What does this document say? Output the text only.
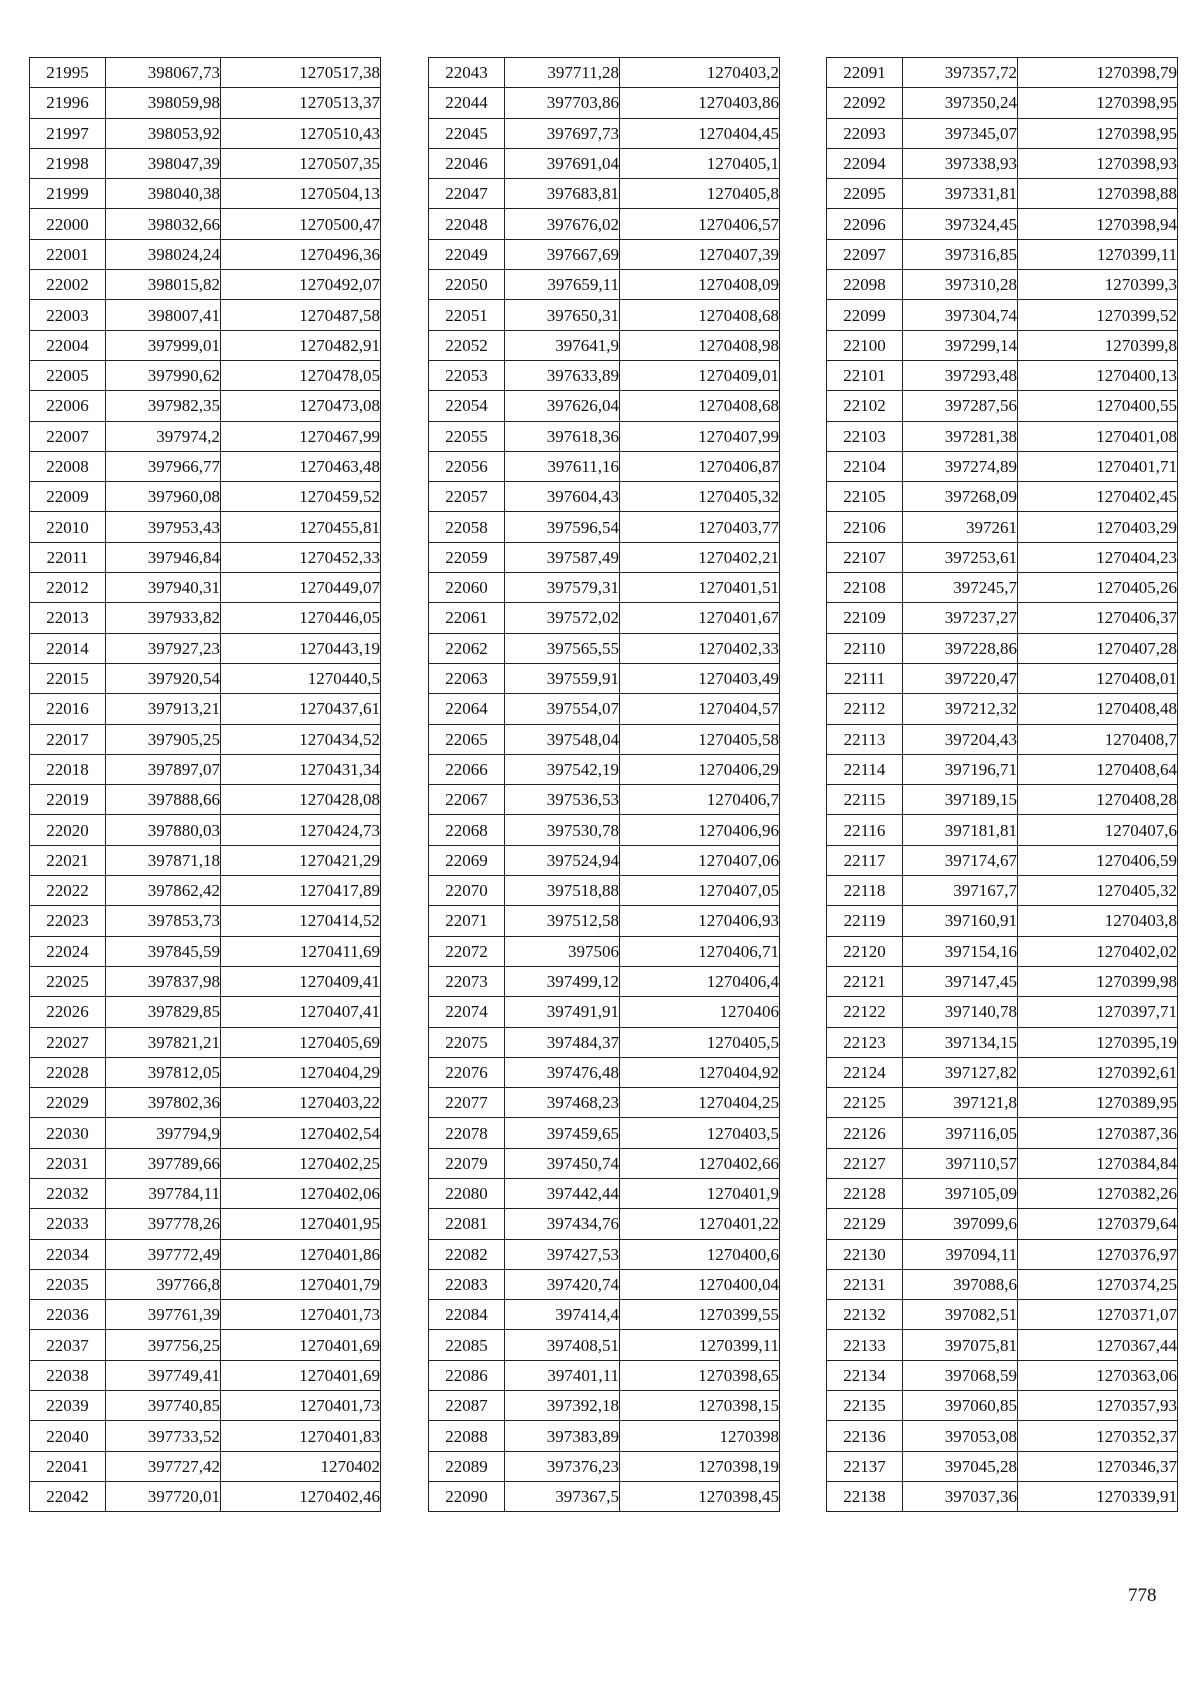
21995	398067,73	1270517,38
21996	398059,98	1270513,37
21997	398053,92	1270510,43
21998	398047,39	1270507,35
21999	398040,38	1270504,13
22000	398032,66	1270500,47
22001	398024,24	1270496,36
22002	398015,82	1270492,07
22003	398007,41	1270487,58
22004	397999,01	1270482,91
22005	397990,62	1270478,05
22006	397982,35	1270473,08
22007	397974,2	1270467,99
22008	397966,77	1270463,48
22009	397960,08	1270459,52
22010	397953,43	1270455,81
22011	397946,84	1270452,33
22012	397940,31	1270449,07
22013	397933,82	1270446,05
22014	397927,23	1270443,19
22015	397920,54	1270440,5
22016	397913,21	1270437,61
22017	397905,25	1270434,52
22018	397897,07	1270431,34
22019	397888,66	1270428,08
22020	397880,03	1270424,73
22021	397871,18	1270421,29
22022	397862,42	1270417,89
22023	397853,73	1270414,52
22024	397845,59	1270411,69
22025	397837,98	1270409,41
22026	397829,85	1270407,41
22027	397821,21	1270405,69
22028	397812,05	1270404,29
22029	397802,36	1270403,22
22030	397794,9	1270402,54
22031	397789,66	1270402,25
22032	397784,11	1270402,06
22033	397778,26	1270401,95
22034	397772,49	1270401,86
22035	397766,8	1270401,79
22036	397761,39	1270401,73
22037	397756,25	1270401,69
22038	397749,41	1270401,69
22039	397740,85	1270401,73
22040	397733,52	1270401,83
22041	397727,42	1270402
22042	397720,01	1270402,46
22043	397711,28	1270403,2
22044	397703,86	1270403,86
22045	397697,73	1270404,45
22046	397691,04	1270405,1
22047	397683,81	1270405,8
22048	397676,02	1270406,57
22049	397667,69	1270407,39
22050	397659,11	1270408,09
22051	397650,31	1270408,68
22052	397641,9	1270408,98
22053	397633,89	1270409,01
22054	397626,04	1270408,68
22055	397618,36	1270407,99
22056	397611,16	1270406,87
22057	397604,43	1270405,32
22058	397596,54	1270403,77
22059	397587,49	1270402,21
22060	397579,31	1270401,51
22061	397572,02	1270401,67
22062	397565,55	1270402,33
22063	397559,91	1270403,49
22064	397554,07	1270404,57
22065	397548,04	1270405,58
22066	397542,19	1270406,29
22067	397536,53	1270406,7
22068	397530,78	1270406,96
22069	397524,94	1270407,06
22070	397518,88	1270407,05
22071	397512,58	1270406,93
22072	397506	1270406,71
22073	397499,12	1270406,4
22074	397491,91	1270406
22075	397484,37	1270405,5
22076	397476,48	1270404,92
22077	397468,23	1270404,25
22078	397459,65	1270403,5
22079	397450,74	1270402,66
22080	397442,44	1270401,9
22081	397434,76	1270401,22
22082	397427,53	1270400,6
22083	397420,74	1270400,04
22084	397414,4	1270399,55
22085	397408,51	1270399,11
22086	397401,11	1270398,65
22087	397392,18	1270398,15
22088	397383,89	1270398
22089	397376,23	1270398,19
22090	397367,5	1270398,45
22091	397357,72	1270398,79
22092	397350,24	1270398,95
22093	397345,07	1270398,95
22094	397338,93	1270398,93
22095	397331,81	1270398,88
22096	397324,45	1270398,94
22097	397316,85	1270399,11
22098	397310,28	1270399,3
22099	397304,74	1270399,52
22100	397299,14	1270399,8
22101	397293,48	1270400,13
22102	397287,56	1270400,55
22103	397281,38	1270401,08
22104	397274,89	1270401,71
22105	397268,09	1270402,45
22106	397261	1270403,29
22107	397253,61	1270404,23
22108	397245,7	1270405,26
22109	397237,27	1270406,37
22110	397228,86	1270407,28
22111	397220,47	1270408,01
22112	397212,32	1270408,48
22113	397204,43	1270408,7
22114	397196,71	1270408,64
22115	397189,15	1270408,28
22116	397181,81	1270407,6
22117	397174,67	1270406,59
22118	397167,7	1270405,32
22119	397160,91	1270403,8
22120	397154,16	1270402,02
22121	397147,45	1270399,98
22122	397140,78	1270397,71
22123	397134,15	1270395,19
22124	397127,82	1270392,61
22125	397121,8	1270389,95
22126	397116,05	1270387,36
22127	397110,57	1270384,84
22128	397105,09	1270382,26
22129	397099,6	1270379,64
22130	397094,11	1270376,97
22131	397088,6	1270374,25
22132	397082,51	1270371,07
22133	397075,81	1270367,44
22134	397068,59	1270363,06
22135	397060,85	1270357,93
22136	397053,08	1270352,37
22137	397045,28	1270346,37
22138	397037,36	1270339,91
778
